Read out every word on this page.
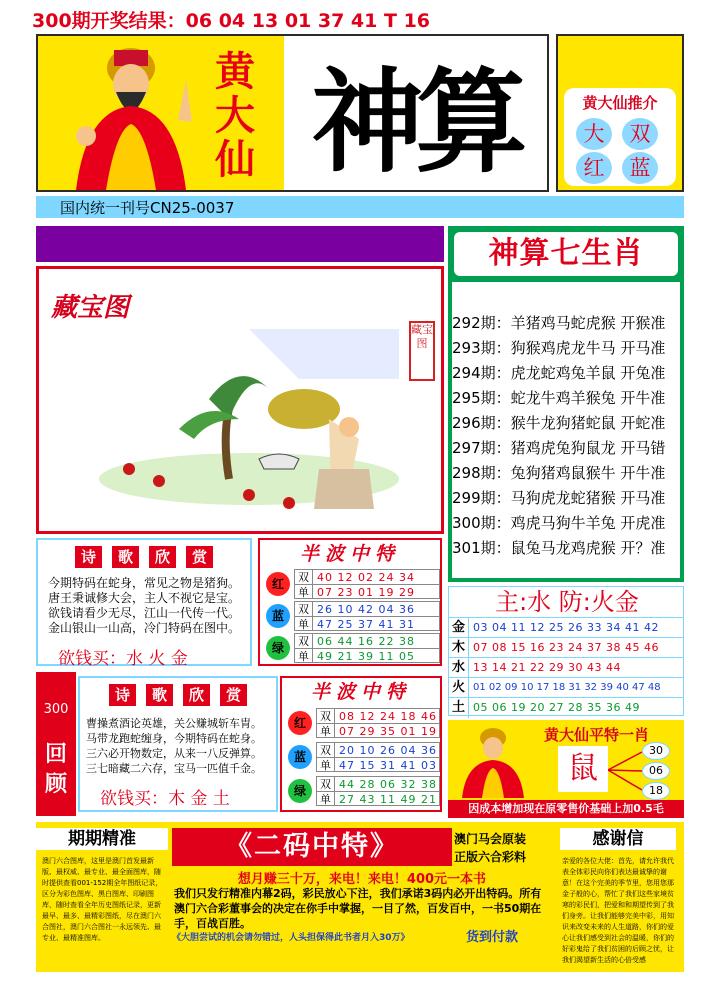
300期开奖结果：06 04 13 01 37 41 T 16
黄
大
仙 神算	黄大仙推介
大	双
红	蓝
国内统一刊号CN25-0037
藏宝图
藏宝图
神算七生肖
292期：羊猪鸡马蛇虎猴 开猴准
293期：狗猴鸡虎龙牛马 开马准
294期：虎龙蛇鸡兔羊鼠 开兔准
295期：蛇龙牛鸡羊猴兔 开牛准
296期：猴牛龙狗猪蛇鼠 开蛇准
297期：猪鸡虎兔狗鼠龙 开马错
298期：兔狗猪鸡鼠猴牛 开牛准
299期：马狗虎龙蛇猪猴 开马准
300期：鸡虎马狗牛羊兔 开虎准
301期：鼠兔马龙鸡虎猴 开？准
诗	歌	欣	赏
今期特码在蛇身，常见之物是猪狗。
唐王秉诚修大会，主人不视它是宝。
欲钱请看少无尽，江山一代传一代。
金山银山一山高，冷门特码在图中。
欲钱买：水 火 金
半波中特
红	双 40 12 02 24 34
单 07 23 01 19 29
蓝	双 26 10 42 04 36
单 47 25 37 41 31
绿	双 06 44 16 22 38
单 49 21 39 11 05
300
回
顾
诗	歌	欣	赏
曹操煮酒论英雄，关公赚城斩车胄。
马带龙跑蛇缠身，今期特码在蛇身。
三六必开物数定，从来一八反弹算。
三七暗藏二六存，宝马一匹值千金。
欲钱买：木 金 土
半波中特
红	双 08 12 24 18 46
单 07 29 35 01 19
蓝	双 20 10 26 04 36
单 47 15 31 41 03
绿	双 44 28 06 32 38
单 27 43 11 49 21
主:水 防:火金
金 03 04 11 12 25 26 33 34 41 42
木 07 08 15 16 23 24 37 38 45 46
水 13 14 21 22 29 30 43 44
火 01 02 09 10 17 18 31 32 39 40 47 48
土 05 06 19 20 27 28 35 36 49
黄大仙平特一肖
鼠
30
06
18
因成本增加现在原零售价基础上加0.5毛
期期精准
澳门六合图库，这里是澳门首发最新版、最权威、最专业、最全面图库，随时提供查看001-152期全年图纸记录，区分为彩色图库、黑白图库、印刷图库，随时查看全年历史图纸记录，更新最早、最多、最精彩图纸，尽在澳门六合图社，澳门六合图社一永远领先、最专业、最精准图库。
《二码中特》	澳门马会原装
正版六合彩料
想月赚三十万，来电！来电！400元一本书
我们只发行精准内幕2码，彩民放心下注，我们承诺3码内必开出特码。所有澳门六合彩董事会的决定在你手中掌握，一目了然，百发百中，一书50期在手，百战百胜。
《大胆尝试的机会请勿错过，人头担保得此书者月入30万》	货到付款
感谢信
亲爱的各位大佬：首先，请允许我代表全体彩民向你们表达最诚挚的谢意！在这个完美的季节里，您用您那金子般的心，帮忙了我们这些家境贫寒的彩民们，把爱和和期望传到了我们身旁。让我们能够完美中彩，用知识来改变未来的人生道路，你们的爱心让我们感受到社会的温暖，你们的好彩鬼给了我们贫困的后顾之忧，让我们渴望新生活的心倍受感
